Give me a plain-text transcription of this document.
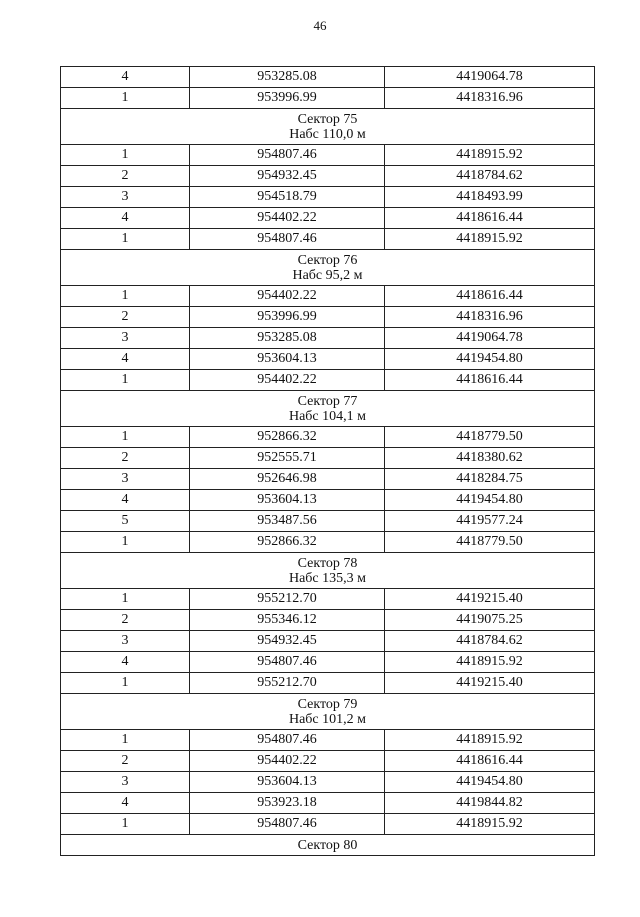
46
4	953285.08	4419064.78
1	953996.99	4418316.96

Сектор 75
Набс 110,0 м		

1	954807.46	4418915.92
2	954932.45	4418784.62
3	954518.79	4418493.99
4	954402.22	4418616.44
1	954807.46	4418915.92

Сектор 76
Набс 95,2 м		

1	954402.22	4418616.44
2	953996.99	4418316.96
3	953285.08	4419064.78
4	953604.13	4419454.80
1	954402.22	4418616.44

Сектор 77
Набс 104,1 м		

1	952866.32	4418779.50
2	952555.71	4418380.62
3	952646.98	4418284.75
4	953604.13	4419454.80
5	953487.56	4419577.24
1	952866.32	4418779.50

Сектор 78
Набс 135,3 м		

1	955212.70	4419215.40
2	955346.12	4419075.25
3	954932.45	4418784.62
4	954807.46	4418915.92
1	955212.70	4419215.40

Сектор 79
Набс 101,2 м		

1	954807.46	4418915.92
2	954402.22	4418616.44
3	953604.13	4419454.80
4	953923.18	4419844.82
1	954807.46	4418915.92

Сектор 80		
